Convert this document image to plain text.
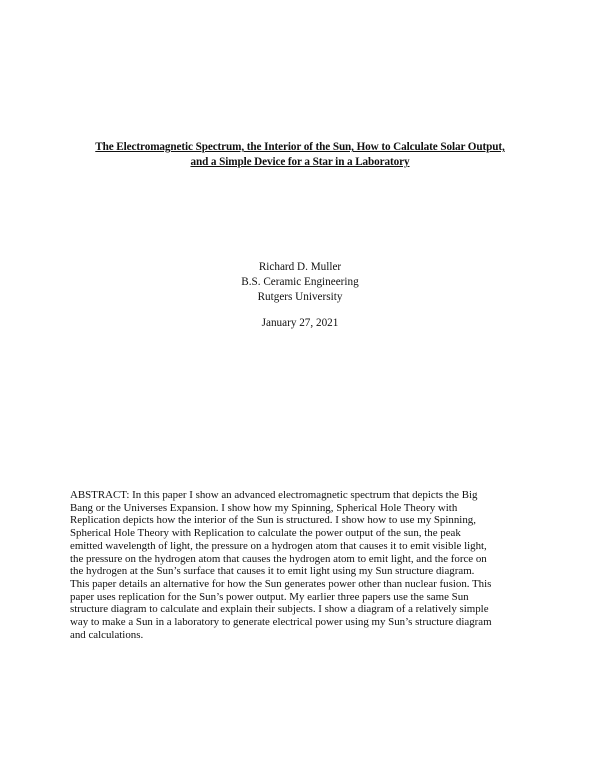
The Electromagnetic Spectrum, the Interior of the Sun, How to Calculate Solar Output,
and a Simple Device for a Star in a Laboratory
Richard D. Muller
B.S. Ceramic Engineering
Rutgers University
January 27, 2021
ABSTRACT: In this paper I show an advanced electromagnetic spectrum that depicts the Big
Bang or the Universes Expansion. I show how my Spinning, Spherical Hole Theory with
Replication depicts how the interior of the Sun is structured. I show how to use my Spinning,
Spherical Hole Theory with Replication to calculate the power output of the sun, the peak
emitted wavelength of light, the pressure on a hydrogen atom that causes it to emit visible light,
the pressure on the hydrogen atom that causes the hydrogen atom to emit light, and the force on
the hydrogen at the Sun’s surface that causes it to emit light using my Sun structure diagram.
This paper details an alternative for how the Sun generates power other than nuclear fusion. This
paper uses replication for the Sun’s power output. My earlier three papers use the same Sun
structure diagram to calculate and explain their subjects. I show a diagram of a relatively simple
way to make a Sun in a laboratory to generate electrical power using my Sun’s structure diagram
and calculations.
